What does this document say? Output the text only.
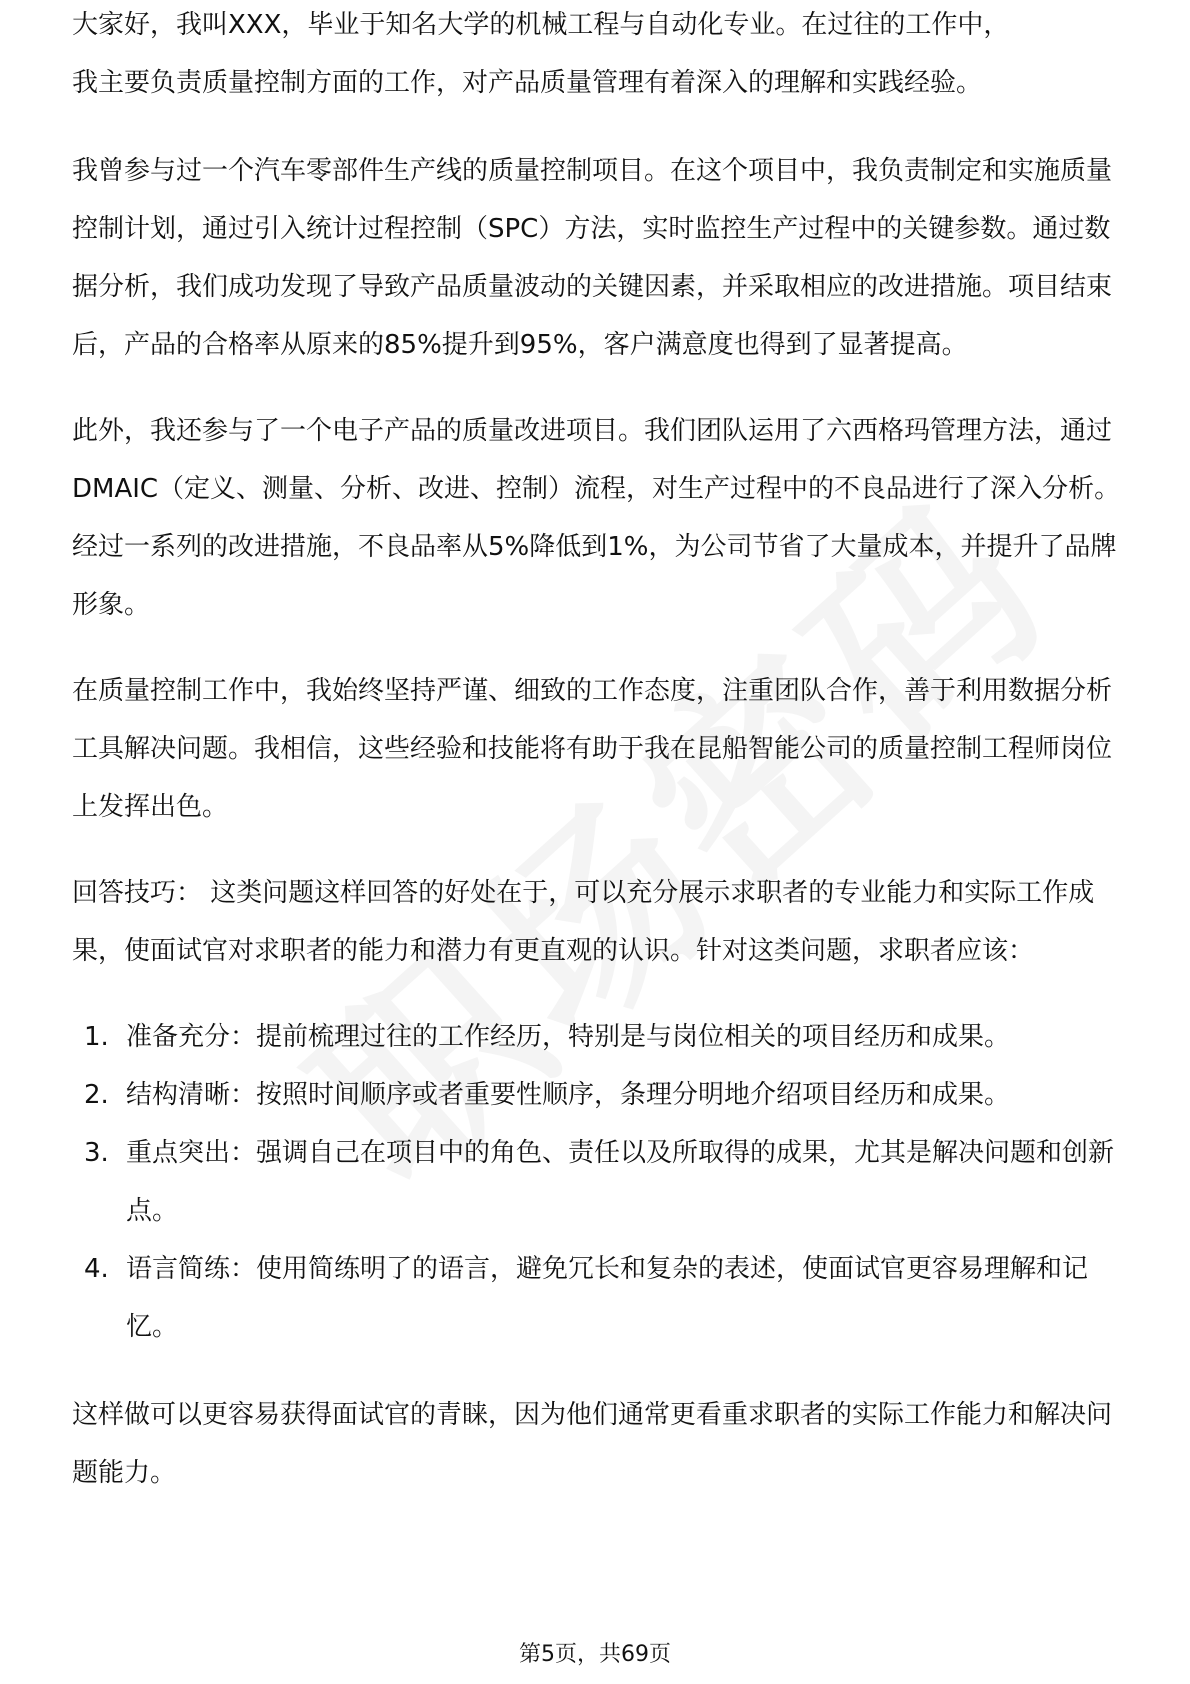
大家好，我叫XXX，毕业于知名大学的机械工程与自动化专业。在过往的工作中，

我主要负责质量控制方面的工作，对产品质量管理有着深入的理解和实践经验。

我曾参与过一个汽车零部件生产线的质量控制项目。在这个项目中，我负责制定和实施质量控制计划，通过引入统计过程控制（SPC）方法，实时监控生产过程中的关键参数。通过数据分析，我们成功发现了导致产品质量波动的关键因素，并采取相应的改进措施。项目结束后，产品的合格率从原来的85%提升到95%，客户满意度也得到了显著提高。

此外，我还参与了一个电子产品的质量改进项目。我们团队运用了六西格玛管理方法，通过 DMAIC（定义、测量、分析、改进、控制）流程，对生产过程中的不良品进行了深入分析。经过一系列的改进措施，不良品率从5%降低到1%，为公司节省了大量成本，并提升了品牌形象。

在质量控制工作中，我始终坚持严谨、细致的工作态度，注重团队合作，善于利用数据分析工具解决问题。我相信，这些经验和技能将有助于我在昆船智能公司的质量控制工程师岗位上发挥出色。

回答技巧： 这类问题这样回答的好处在于，可以充分展示求职者的专业能力和实际工作成果，使面试官对求职者的能力和潜力有更直观的认识。针对这类问题，求职者应该：

1. 准备充分：提前梳理过往的工作经历，特别是与岗位相关的项目经历和成果。
2. 结构清晰：按照时间顺序或者重要性顺序，条理分明地介绍项目经历和成果。
3. 重点突出：强调自己在项目中的角色、责任以及所取得的成果，尤其是解决问题和创新点。
4. 语言简练：使用简练明了的语言，避免冗长和复杂的表述，使面试官更容易理解和记忆。

这样做可以更容易获得面试官的青睐，因为他们通常更看重求职者的实际工作能力和解决问题能力。

第5页，共69页
